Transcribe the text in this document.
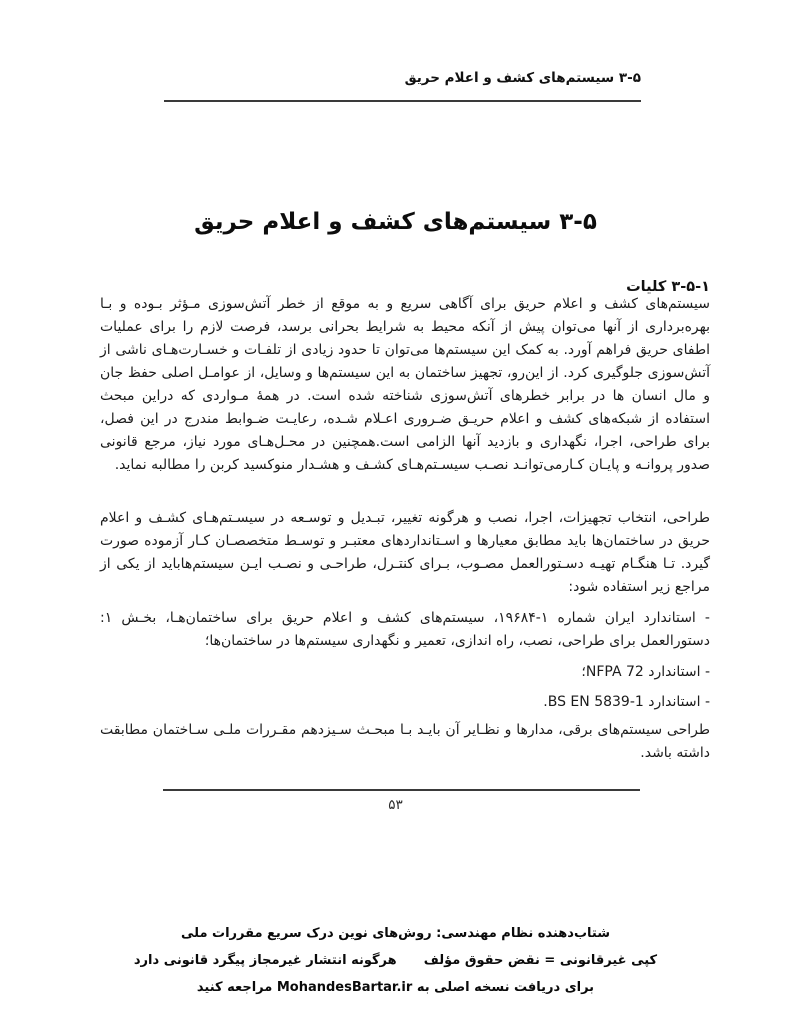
۳-۵ سیستم‌های کشف و اعلام حریق
۳-۵ سیستم‌های کشف و اعلام حریق
۳-۵-۱ کلیات

سیستم‌های کشف و اعلام حریق برای آگاهی سریع و به موقع از خطر آتش‌سوزی مـؤثر بـوده و بـا بهره‌برداری از آنها می‌توان پیش از آنکه محیط به شرایط بحرانی برسد، فرصت لازم را برای عملیات اطفای حریق فراهم آورد. به کمک این سیستم‌ها می‌توان تا حدود زیادی از تلفـات و خسـارت‌هـای ناشی از آتش‌سوزی جلوگیری کرد. از این‌رو، تجهیز ساختمان به این سیستم‌ها و وسایل، از عوامـل اصلی حفظ جان و مال انسان ها در برابر خطرهای آتش‌سوزی شناخته شده است. در همهٔ مـواردی که دراین مبحث استفاده از شبکه‌های کشف و اعلام حریـق ضـروری اعـلام شـده، رعایـت ضـوابط مندرج در این فصل، برای طراحی، اجرا، نگهداری و بازدید آنها الزامی است.همچنین در محـل‌هـای مورد نیاز، مرجع قانونی صدور پروانـه و پایـان کـارمی‌توانـد نصـب سیسـتم‌هـای کشـف و هشـدار منوکسید کربن را مطالبه نماید.

طراحی، انتخاب تجهیزات، اجرا، نصب و هرگونه تغییر، تبـدیل و توسـعه در سیسـتم‌هـای کشـف و اعلام حریق در ساختمان‌ها باید مطابق معیارها و اسـتانداردهای معتبـر و توسـط متخصصـان کـار آزموده صورت گیرد. تـا هنگـام تهیـه دسـتورالعمل مصـوب، بـرای کنتـرل، طراحـی و نصـب ایـن سیستم‌هاباید از یکی از مراجع زیر استفاده شود:

- استاندارد ایران شماره ۱-۱۹۶۸۴، سیستم‌های کشف و اعلام حریق برای ساختمان‌هـا، بخـش ۱: دستورالعمل برای طراحی، نصب، راه اندازی، تعمیر و نگهداری سیستم‌ها در ساختمان‌ها؛

- استاندارد NFPA 72؛

- استاندارد BS EN 5839-1.

طراحی سیستم‌های برقی، مدارها و نظـایر آن بایـد بـا مبحـث سـیزدهم مقـررات ملـی سـاختمان مطابقت داشته باشد.

۵۳
شتاب‌دهنده نظام مهندسی: روش‌های نوین درک سریع مقررات ملی
کپی غیرقانونی = نقض حقوق مؤلف      هرگونه انتشار غیرمجاز پیگرد قانونی دارد
برای دریافت نسخه اصلی به MohandesBartar.ir مراجعه کنید
